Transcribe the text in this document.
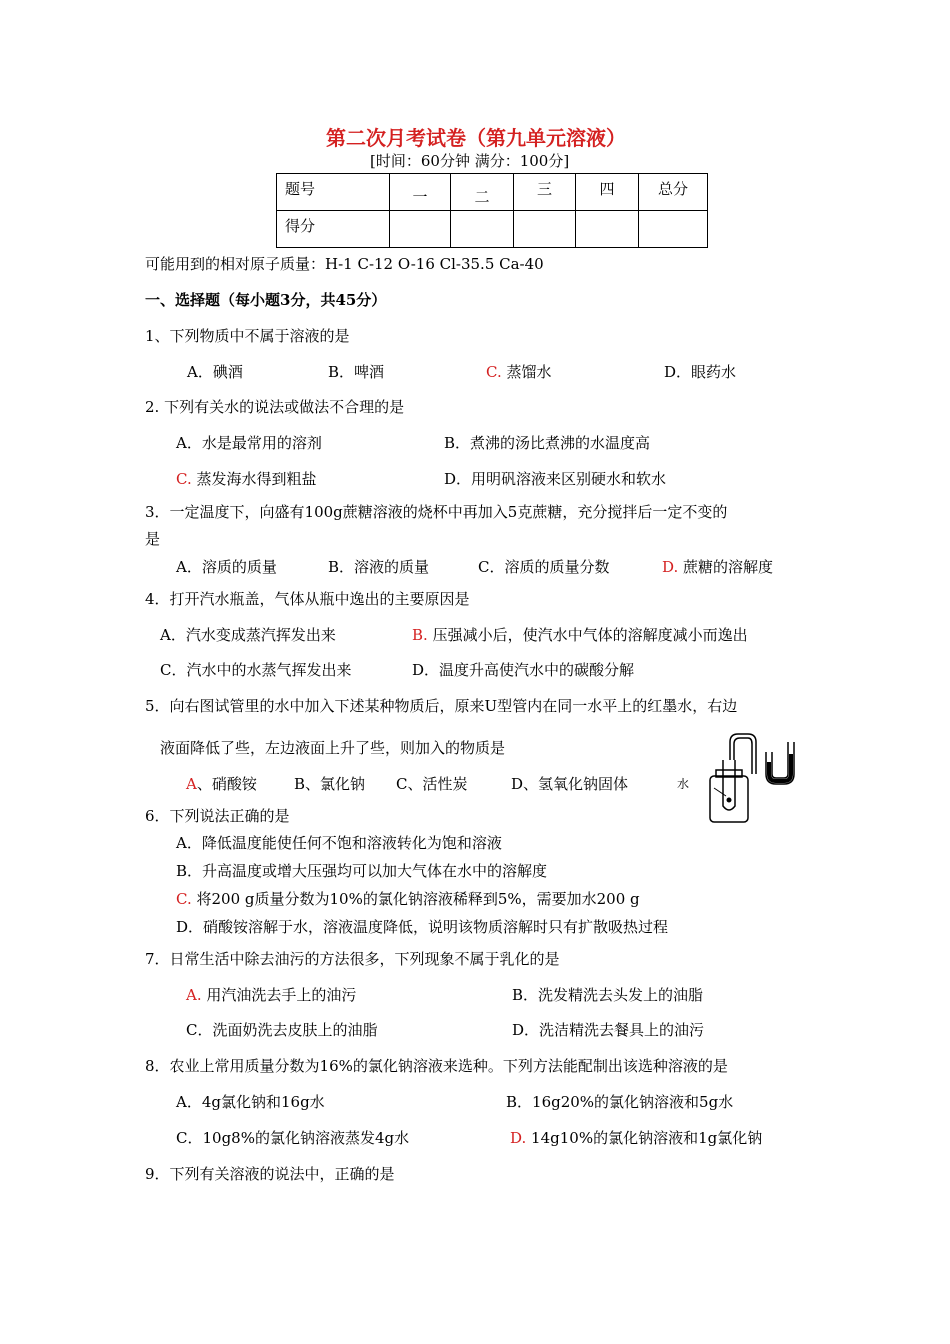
第二次月考试卷（第九单元溶液）
[时间：60分钟 满分：100分]
题号	一	二	三	四	总分
得分					
可能用到的相对原子质量：H-1 C-12 O-16 Cl-35.5 Ca-40
一、选择题（每小题3分，共45分）
1、下列物质中不属于溶液的是
A．碘酒	B．啤酒	C. 蒸馏水	D．眼药水
2. 下列有关水的说法或做法不合理的是
A．水是最常用的溶剂	B．煮沸的汤比煮沸的水温度高
C. 蒸发海水得到粗盐	D．用明矾溶液来区别硬水和软水
3．一定温度下，向盛有100g蔗糖溶液的烧杯中再加入5克蔗糖，充分搅拌后一定不变的
是
A．溶质的质量	B．溶液的质量	C．溶质的质量分数	D. 蔗糖的溶解度
4．打开汽水瓶盖，气体从瓶中逸出的主要原因是
A．汽水变成蒸汽挥发出来	B. 压强减小后，使汽水中气体的溶解度减小而逸出
C．汽水中的水蒸气挥发出来	D．温度升高使汽水中的碳酸分解
5．向右图试管里的水中加入下述某种物质后，原来U型管内在同一水平上的红墨水，右边
液面降低了些，左边液面上升了些，则加入的物质是
A、硝酸铵 B、氯化钠 C、活性炭	D、氢氧化钠固体	水
6．下列说法正确的是
A．降低温度能使任何不饱和溶液转化为饱和溶液
B．升高温度或增大压强均可以加大气体在水中的溶解度
C. 将200 g质量分数为10%的氯化钠溶液稀释到5%，需要加水200 g
D．硝酸铵溶解于水，溶液温度降低，说明该物质溶解时只有扩散吸热过程
7．日常生活中除去油污的方法很多，下列现象不属于乳化的是
A. 用汽油洗去手上的油污	B．洗发精洗去头发上的油脂
C．洗面奶洗去皮肤上的油脂	D．洗洁精洗去餐具上的油污
8．农业上常用质量分数为16%的氯化钠溶液来选种。下列方法能配制出该选种溶液的是
A．4g氯化钠和16g水	B．16g20%的氯化钠溶液和5g水
C．10g8%的氯化钠溶液蒸发4g水	D. 14g10%的氯化钠溶液和1g氯化钠
9．下列有关溶液的说法中，正确的是
